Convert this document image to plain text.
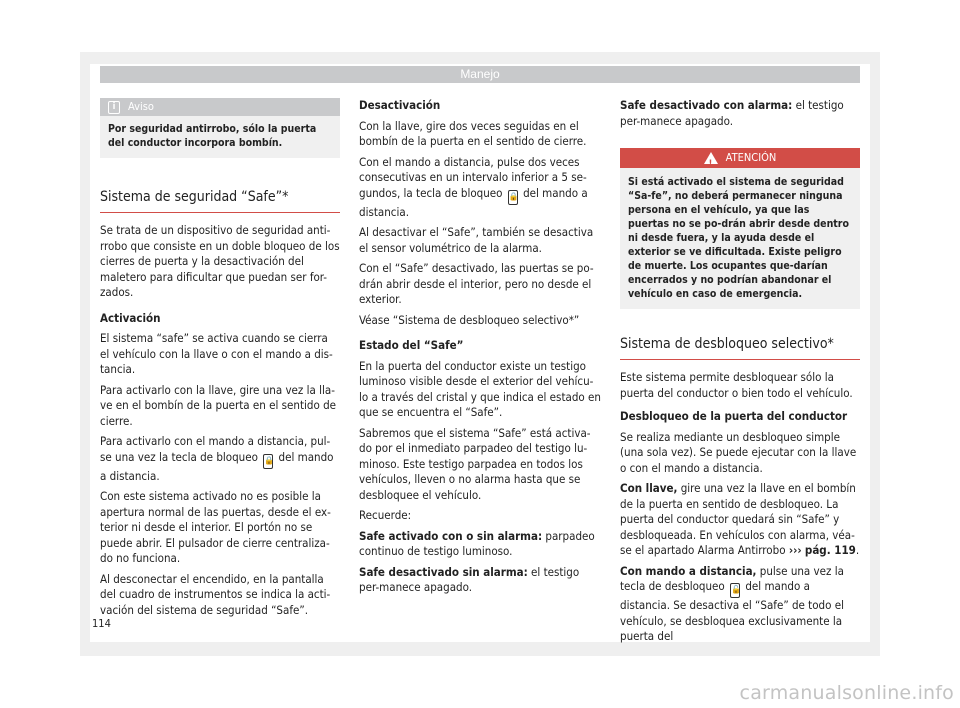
Manejo
i	Aviso
Por seguridad antirrobo, sólo la puerta del conductor incorpora bombín.
Sistema de seguridad “Safe”*

Se trata de un dispositivo de seguridad anti-rrobo que consiste en un doble bloqueo de los cierres de puerta y la desactivación del maletero para dificultar que puedan ser for-zados.

Activación

El sistema “safe” se activa cuando se cierra el vehículo con la llave o con el mando a dis-tancia.

Para activarlo con la llave, gire una vez la lla-ve en el bombín de la puerta en el sentido de cierre.

Para activarlo con el mando a distancia, pul-se una vez la tecla de bloqueo 🔒 del mando a distancia.

Con este sistema activado no es posible la apertura normal de las puertas, desde el ex-terior ni desde el interior. El portón no se puede abrir. El pulsador de cierre centraliza-do no funciona.

Al desconectar el encendido, en la pantalla del cuadro de instrumentos se indica la acti-vación del sistema de seguridad “Safe”.

Desactivación

Con la llave, gire dos veces seguidas en el bombín de la puerta en el sentido de cierre.

Con el mando a distancia, pulse dos veces consecutivas en un intervalo inferior a 5 se-gundos, la tecla de bloqueo 🔒 del mando a distancia.

Al desactivar el “Safe”, también se desactiva el sensor volumétrico de la alarma.

Con el “Safe” desactivado, las puertas se po-drán abrir desde el interior, pero no desde el exterior.

Véase “Sistema de desbloqueo selectivo*”

Estado del “Safe”

En la puerta del conductor existe un testigo luminoso visible desde el exterior del vehícu-lo a través del cristal y que indica el estado en que se encuentra el “Safe”.

Sabremos que el sistema “Safe” está activa-do por el inmediato parpadeo del testigo lu-minoso. Este testigo parpadea en todos los vehículos, lleven o no alarma hasta que se desbloquee el vehículo.

Recuerde:

Safe activado con o sin alarma: parpadeo continuo de testigo luminoso.

Safe desactivado sin alarma: el testigo per-manece apagado.

Safe desactivado con alarma: el testigo per-manece apagado.

! ATENCIÓN
Si está activado el sistema de seguridad “Sa-fe”, no deberá permanecer ninguna persona en el vehículo, ya que las puertas no se po-drán abrir desde dentro ni desde fuera, y la ayuda desde el exterior se ve dificultada. Existe peligro de muerte. Los ocupantes que-darían encerrados y no podrían abandonar el vehículo en caso de emergencia.
Sistema de desbloqueo selectivo*

Este sistema permite desbloquear sólo la puerta del conductor o bien todo el vehículo.

Desbloqueo de la puerta del conductor

Se realiza mediante un desbloqueo simple (una sola vez). Se puede ejecutar con la llave o con el mando a distancia.

Con llave, gire una vez la llave en el bombín de la puerta en sentido de desbloqueo. La puerta del conductor quedará sin “Safe” y desbloqueada. En vehículos con alarma, véa-se el apartado Alarma Antirrobo ››› pág. 119.

Con mando a distancia, pulse una vez la tecla de desbloqueo 🔓 del mando a distancia. Se desactiva el “Safe” de todo el vehículo, se desbloquea exclusivamente la puerta del

114
carmanualsonline.info
